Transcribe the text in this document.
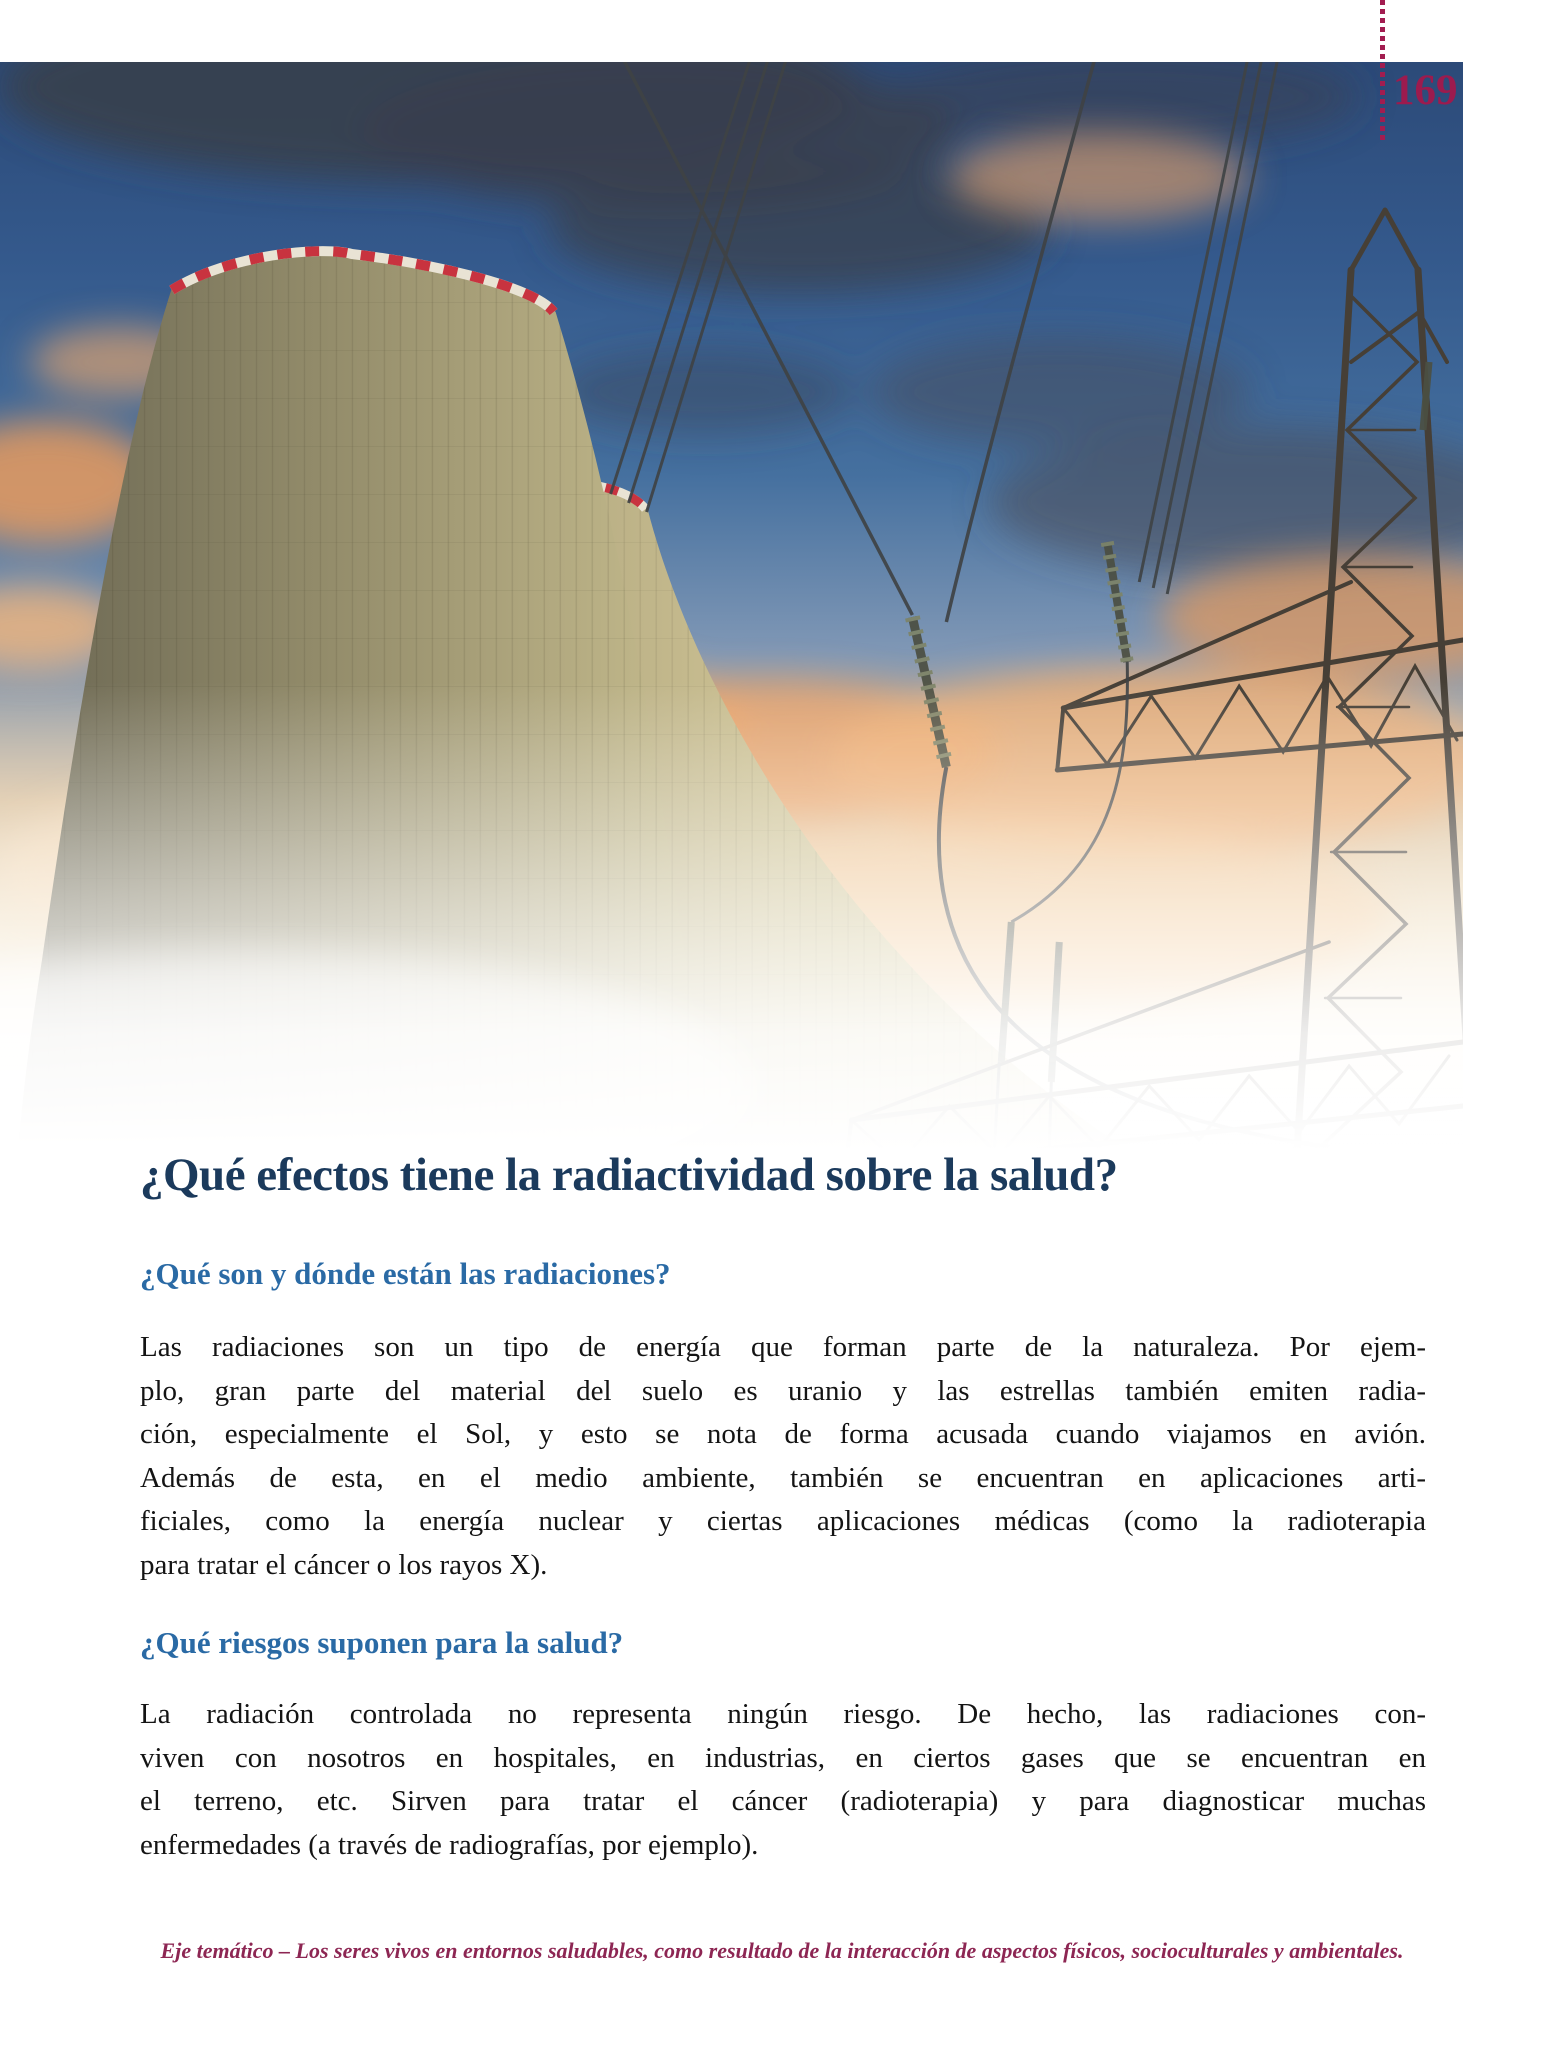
169
¿Qué efectos tiene la radiactividad sobre la salud?
¿Qué son y dónde están las radiaciones?
Las radiaciones son un tipo de energía que forman parte de la naturaleza. Por ejem-
plo, gran parte del material del suelo es uranio y las estrellas también emiten radia-
ción, especialmente el Sol, y esto se nota de forma acusada cuando viajamos en avión.
Además de esta, en el medio ambiente, también se encuentran en aplicaciones arti-
ficiales, como la energía nuclear y ciertas aplicaciones médicas (como la radioterapia
para tratar el cáncer o los rayos X).
¿Qué riesgos suponen para la salud?
La radiación controlada no representa ningún riesgo. De hecho, las radiaciones con-
viven con nosotros en hospitales, en industrias, en ciertos gases que se encuentran en
el terreno, etc. Sirven para tratar el cáncer (radioterapia) y para diagnosticar muchas
enfermedades (a través de radiografías, por ejemplo).
Eje temático – Los seres vivos en entornos saludables, como resultado de la interacción de aspectos físicos, socioculturales y ambientales.
